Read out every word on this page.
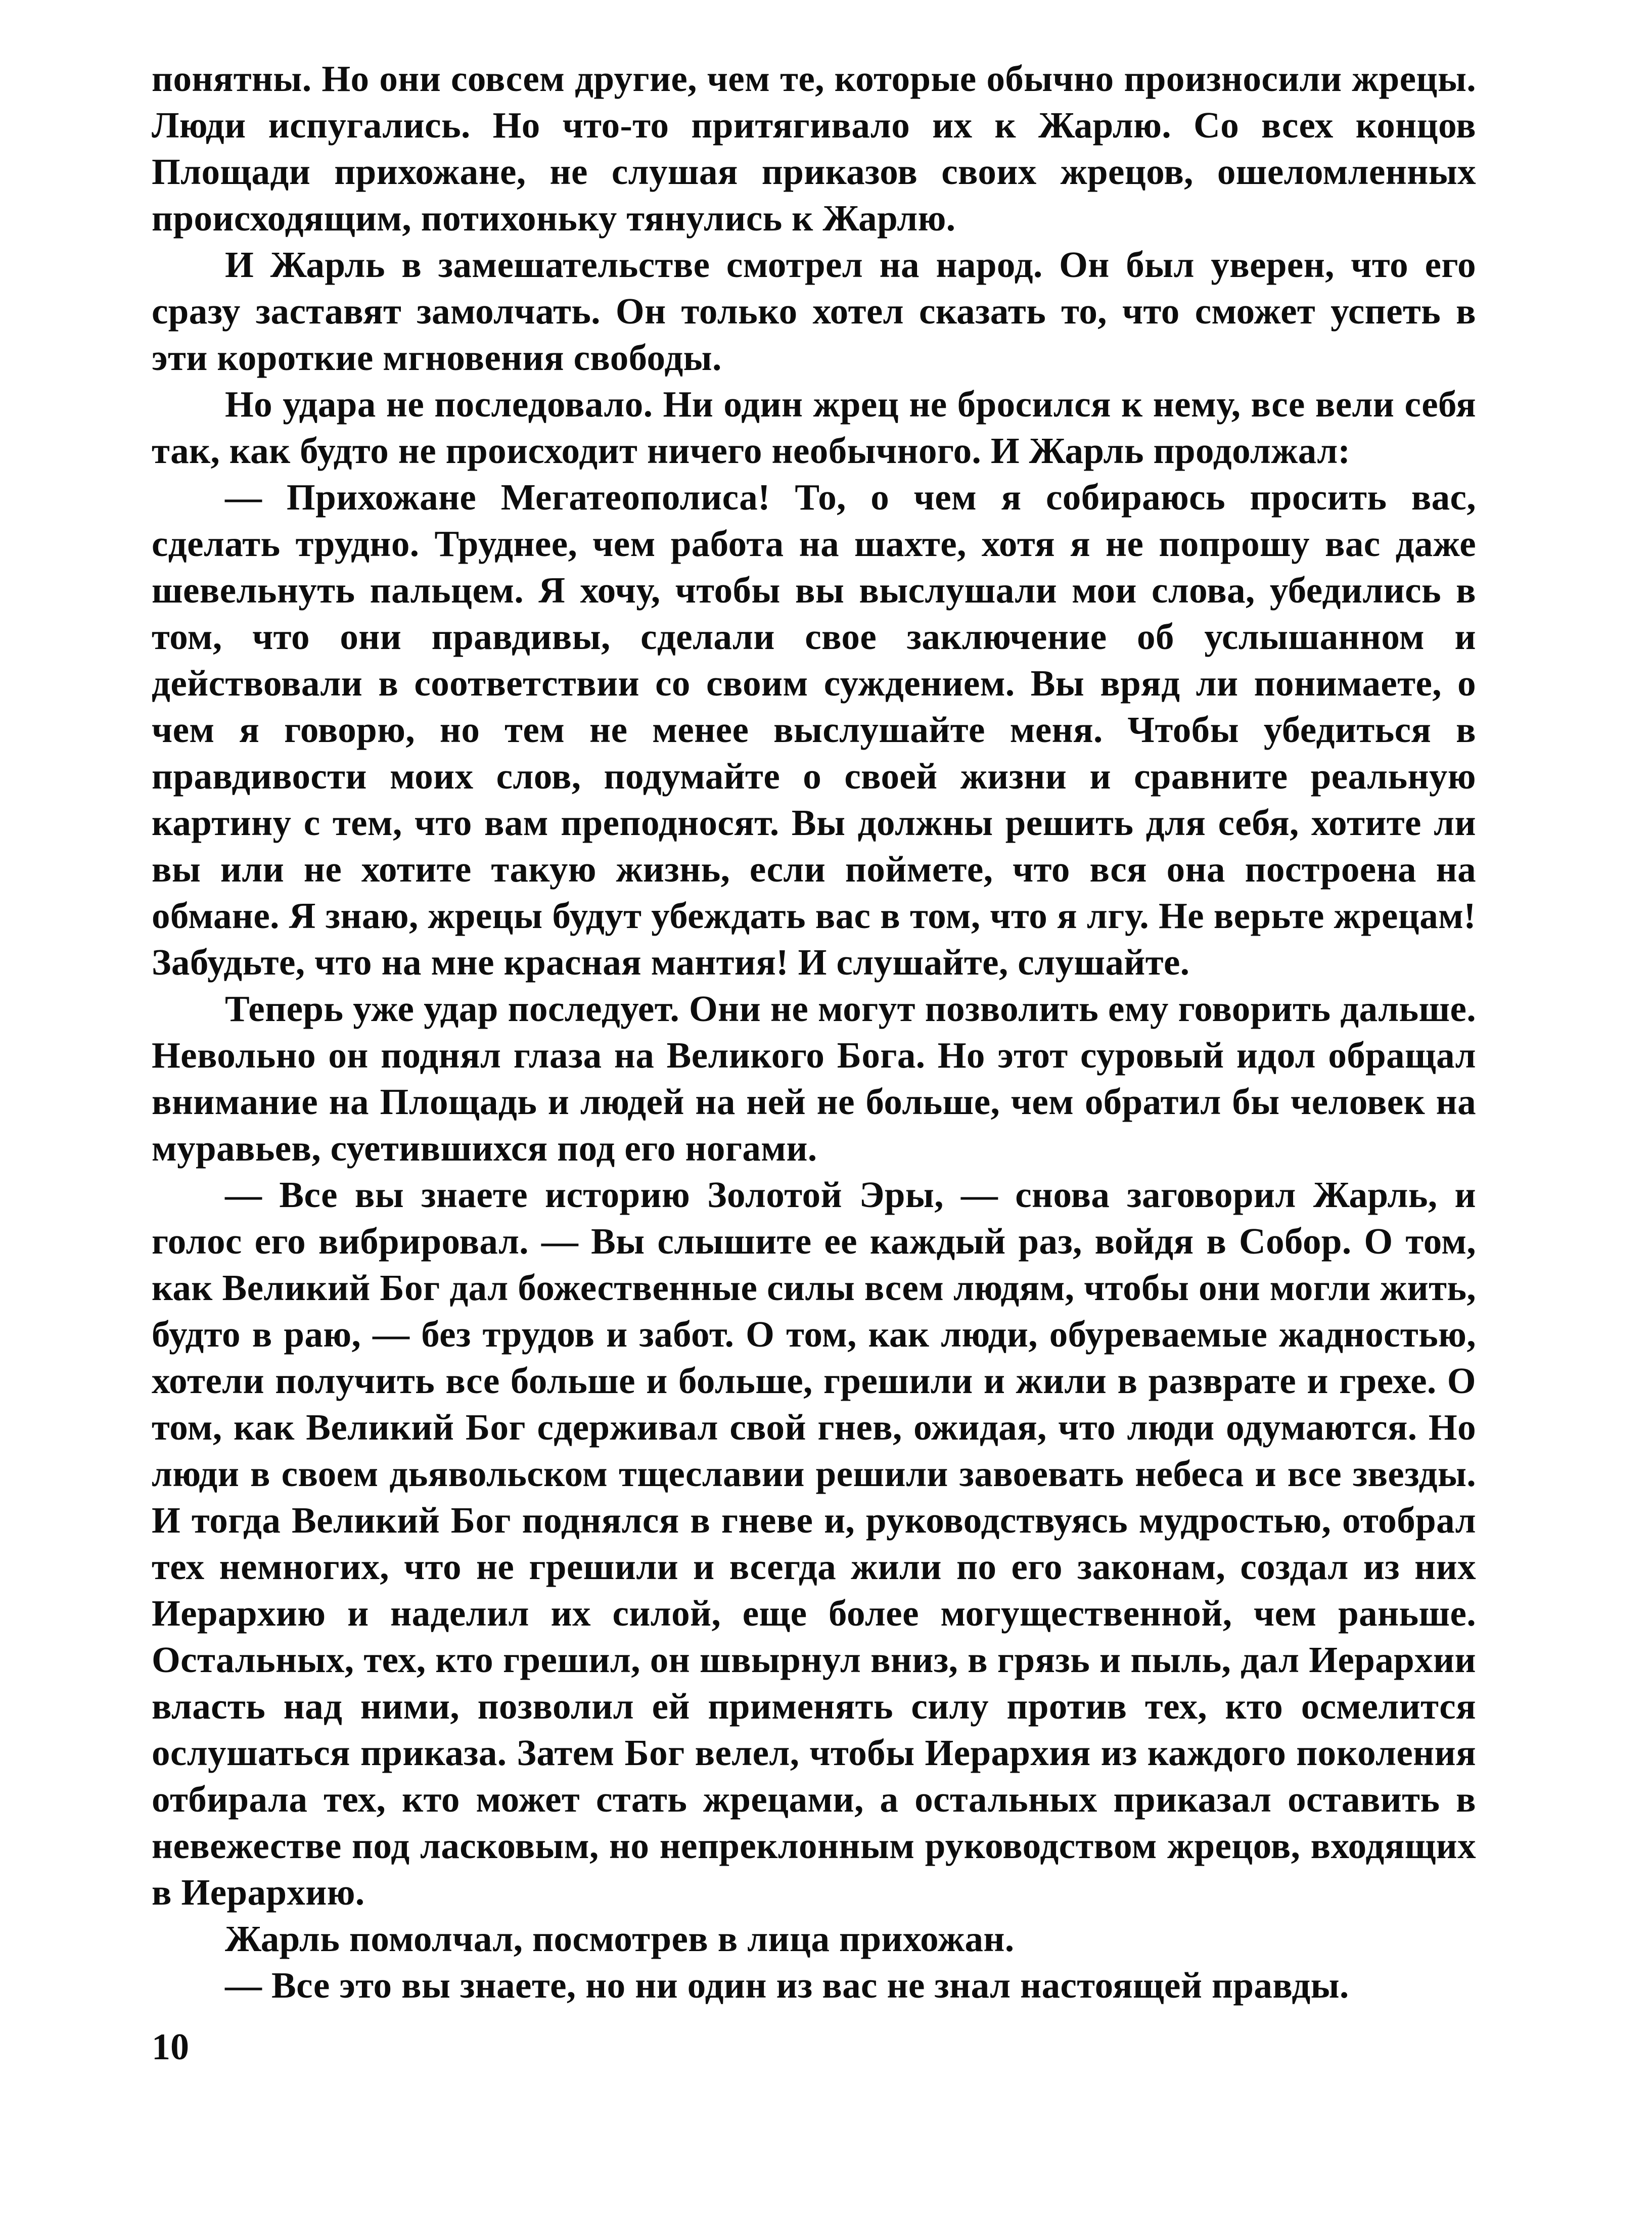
понятны. Но они совсем другие, чем те, которые обычно произносили жрецы. Люди испугались. Но что-то притягивало их к Жарлю. Со всех концов Площади прихожане, не слушая приказов своих жрецов, ошеломленных происходящим, потихоньку тянулись к Жарлю.

И Жарль в замешательстве смотрел на народ. Он был уверен, что его сразу заставят замолчать. Он только хотел сказать то, что сможет успеть в эти короткие мгновения свободы.

Но удара не последовало. Ни один жрец не бросился к нему, все вели себя так, как будто не происходит ничего необычного. И Жарль продолжал:

— Прихожане Мегатеополиса! То, о чем я собираюсь просить вас, сделать трудно. Труднее, чем работа на шахте, хотя я не попрошу вас даже шевельнуть пальцем. Я хочу, чтобы вы выслушали мои слова, убедились в том, что они правдивы, сделали свое заключение об услышанном и действовали в соответствии со своим суждением. Вы вряд ли понимаете, о чем я говорю, но тем не менее выслушайте меня. Чтобы убедиться в правдивости моих слов, подумайте о своей жизни и сравните реальную картину с тем, что вам преподносят. Вы должны решить для себя, хотите ли вы или не хотите такую жизнь, если поймете, что вся она построена на обмане. Я знаю, жрецы будут убеждать вас в том, что я лгу. Не верьте жрецам! Забудьте, что на мне красная мантия! И слушайте, слушайте.

Теперь уже удар последует. Они не могут позволить ему говорить дальше. Невольно он поднял глаза на Великого Бога. Но этот суровый идол обращал внимание на Площадь и людей на ней не больше, чем обратил бы человек на муравьев, суетившихся под его ногами.

— Все вы знаете историю Золотой Эры, — снова заговорил Жарль, и голос его вибрировал. — Вы слышите ее каждый раз, войдя в Собор. О том, как Великий Бог дал божественные силы всем людям, чтобы они могли жить, будто в раю, — без трудов и забот. О том, как люди, обуреваемые жадностью, хотели получить все больше и больше, грешили и жили в разврате и грехе. О том, как Великий Бог сдерживал свой гнев, ожидая, что люди одумаются. Но люди в своем дьявольском тщеславии решили завоевать небеса и все звезды. И тогда Великий Бог поднялся в гневе и, руководствуясь мудростью, отобрал тех немногих, что не грешили и всегда жили по его законам, создал из них Иерархию и наделил их силой, еще более могущественной, чем раньше. Остальных, тех, кто грешил, он швырнул вниз, в грязь и пыль, дал Иерархии власть над ними, позволил ей применять силу против тех, кто осмелится ослушаться приказа. Затем Бог велел, чтобы Иерархия из каждого поколения отбирала тех, кто может стать жрецами, а остальных приказал оставить в невежестве под ласковым, но непреклонным руководством жрецов, входящих в Иерархию.

Жарль помолчал, посмотрев в лица прихожан.

— Все это вы знаете, но ни один из вас не знал настоящей правды.

10
